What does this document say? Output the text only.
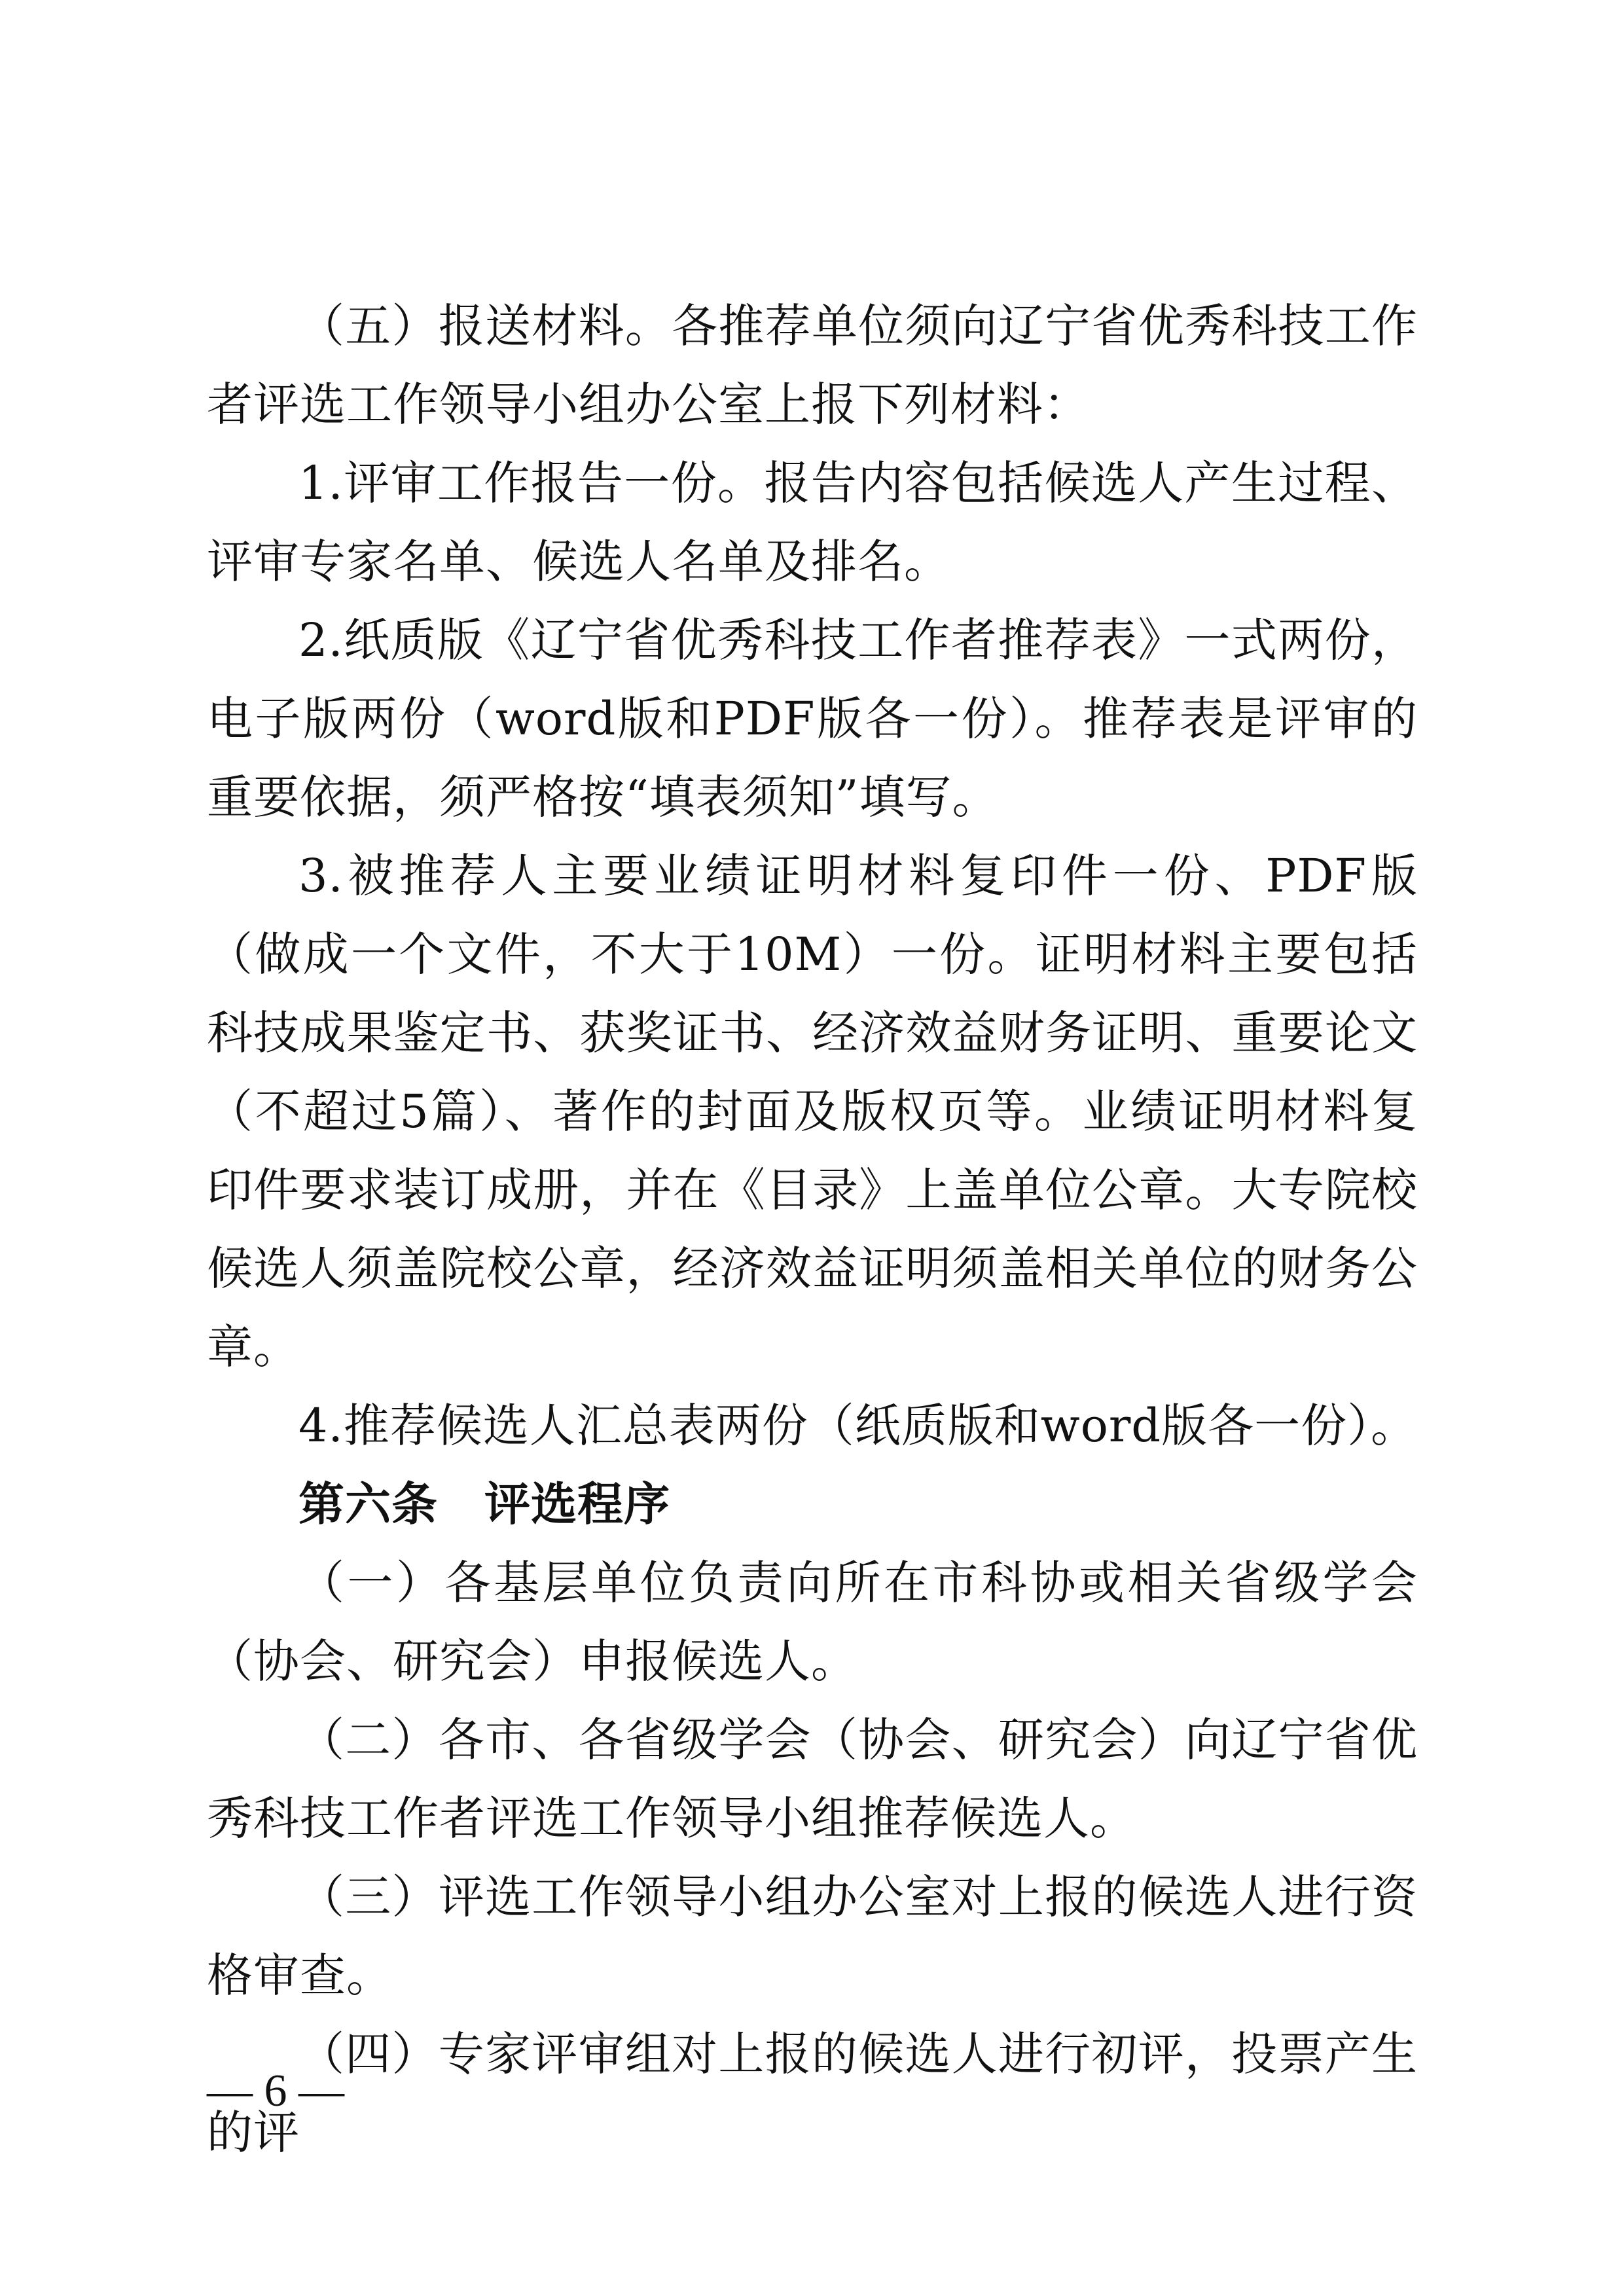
（五）报送材料。各推荐单位须向辽宁省优秀科技工作者评选工作领导小组办公室上报下列材料：

1.评审工作报告一份。报告内容包括候选人产生过程、评审专家名单、候选人名单及排名。

2.纸质版《辽宁省优秀科技工作者推荐表》一式两份，电子版两份（word版和PDF版各一份）。推荐表是评审的重要依据，须严格按“填表须知”填写。

3.被推荐人主要业绩证明材料复印件一份、PDF版（做成一个文件，不大于10M）一份。证明材料主要包括科技成果鉴定书、获奖证书、经济效益财务证明、重要论文（不超过5篇）、著作的封面及版权页等。业绩证明材料复印件要求装订成册，并在《目录》上盖单位公章。大专院校候选人须盖院校公章，经济效益证明须盖相关单位的财务公章。

4.推荐候选人汇总表两份（纸质版和word版各一份）。

第六条　评选程序

（一）各基层单位负责向所在市科协或相关省级学会（协会、研究会）申报候选人。

（二）各市、各省级学会（协会、研究会）向辽宁省优秀科技工作者评选工作领导小组推荐候选人。

（三）评选工作领导小组办公室对上报的候选人进行资格审查。

（四）专家评审组对上报的候选人进行初评，投票产生的评

— 6 —
